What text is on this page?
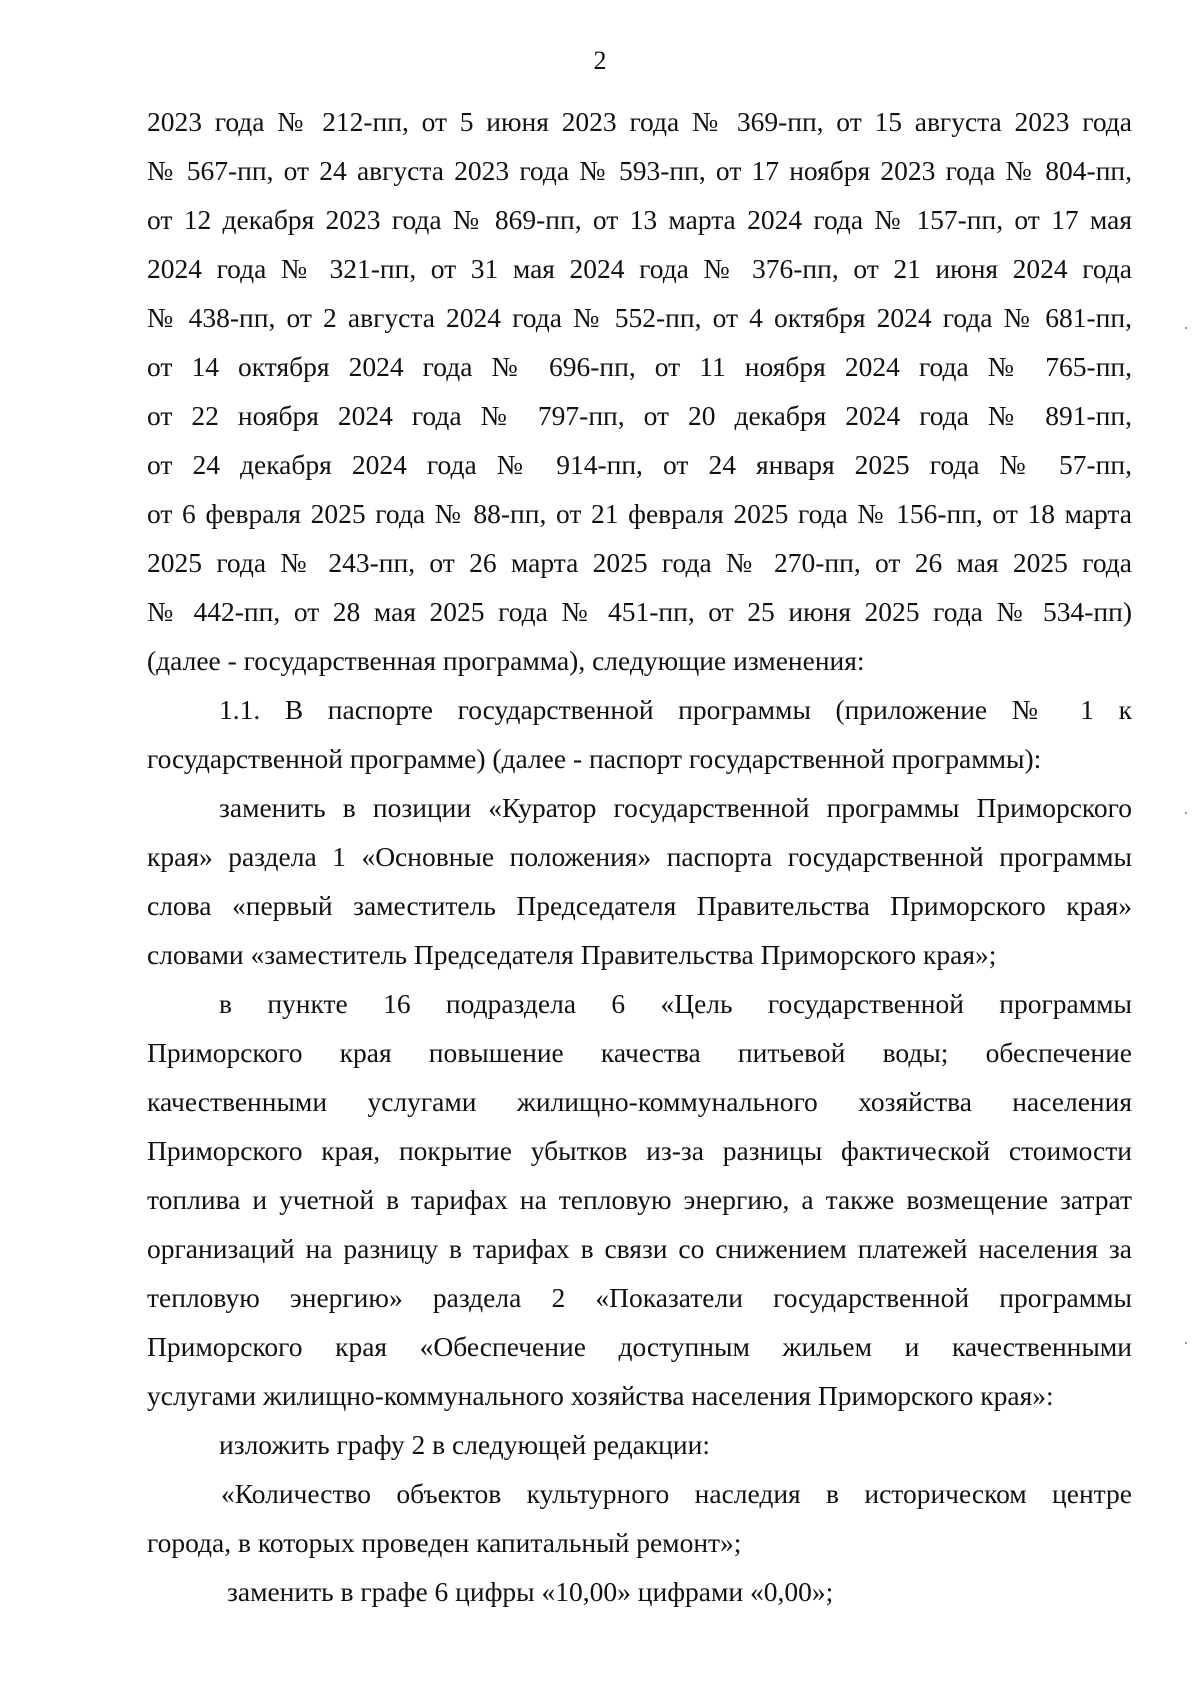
2
2023 года № 212-пп, от 5 июня 2023 года № 369-пп, от 15 августа 2023 года
№ 567-пп, от 24 августа 2023 года № 593-пп, от 17 ноября 2023 года № 804-пп,
от 12 декабря 2023 года № 869-пп, от 13 марта 2024 года № 157-пп, от 17 мая
2024 года № 321-пп, от 31 мая 2024 года № 376-пп, от 21 июня 2024 года
№ 438-пп, от 2 августа 2024 года № 552-пп, от 4 октября 2024 года № 681-пп,
от 14 октября 2024 года № 696-пп, от 11 ноября 2024 года № 765-пп,
от 22 ноября 2024 года № 797-пп, от 20 декабря 2024 года № 891-пп,
от 24 декабря 2024 года № 914-пп, от 24 января 2025 года № 57-пп,
от 6 февраля 2025 года № 88-пп, от 21 февраля 2025 года № 156-пп, от 18 марта
2025 года № 243-пп, от 26 марта 2025 года № 270-пп, от 26 мая 2025 года
№ 442-пп, от 28 мая 2025 года № 451-пп, от 25 июня 2025 года № 534-пп)
(далее - государственная программа), следующие изменения:
1.1. В паспорте государственной программы (приложение № 1 к
государственной программе) (далее - паспорт государственной программы):
заменить в позиции «Куратор государственной программы Приморского
края» раздела 1 «Основные положения» паспорта государственной программы
слова «первый заместитель Председателя Правительства Приморского края»
словами «заместитель Председателя Правительства Приморского края»;
в пункте 16 подраздела 6 «Цель государственной программы
Приморского края повышение качества питьевой воды; обеспечение
качественными услугами жилищно-коммунального хозяйства населения
Приморского края, покрытие убытков из-за разницы фактической стоимости
топлива и учетной в тарифах на тепловую энергию, а также возмещение затрат
организаций на разницу в тарифах в связи со снижением платежей населения за
тепловую энергию» раздела 2 «Показатели государственной программы
Приморского края «Обеспечение доступным жильем и качественными
услугами жилищно-коммунального хозяйства населения Приморского края»:
изложить графу 2 в следующей редакции:
«Количество объектов культурного наследия в историческом центре
города, в которых проведен капитальный ремонт»;
заменить в графе 6 цифры «10,00» цифрами «0,00»;
